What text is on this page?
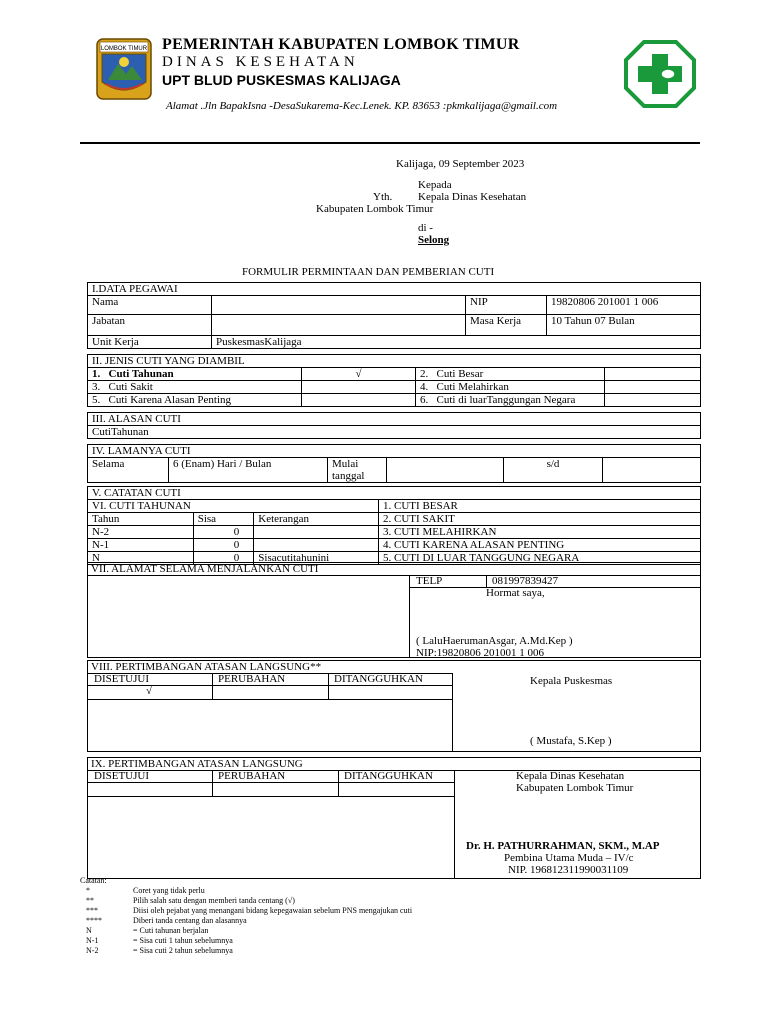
LOMBOK TIMUR PEMERINTAH KABUPATEN LOMBOK TIMUR
DINAS KESEHATAN
UPT BLUD PUSKESMAS KALIJAGA
Alamat .Jln BapakIsna -DesaSukarema-Kec.Lenek. KP. 83653 :pkmkalijaga@gmail.com
Kalijaga, 09 September 2023
Kepada
Yth. Kepala Dinas Kesehatan
Kabupaten Lombok Timur
di -
Selong
FORMULIR PERMINTAAN DAN PEMBERIAN CUTI
I.DATA PEGAWAI			
Nama		NIP	19820806 201001 1 006
Jabatan		Masa Kerja	10 Tahun 07 Bulan
Unit Kerja	PuskesmasKalijaga		
II. JENIS CUTI YANG DIAMBIL			
1. Cuti Tahunan	√	2. Cuti Besar	
3. Cuti Sakit		4. Cuti Melahirkan	
5. Cuti Karena Alasan Penting		6. Cuti di luarTanggungan Negara	
III. ALASAN CUTI
CutiTahunan
IV. LAMANYA CUTI
Selama	6 (Enam) Hari / Bulan	Mulai tanggal		s/d	
V. CATATAN CUTI			
VI. CUTI TAHUNAN			1. CUTI BESAR
Tahun	Sisa	Keterangan	2. CUTI SAKIT
N-2	0		3. CUTI MELAHIRKAN
N-1	0		4. CUTI KARENA ALASAN PENTING
N	0	Sisacutitahunini	5. CUTI DI LUAR TANGGUNG NEGARA
VII. ALAMAT SELAMA MENJALANKAN CUTI
TELP	081997839427
Hormat saya,
( LaluHaerumanAsgar, A.Md.Kep )
NIP:19820806 201001 1 006
VIII. PERTIMBANGAN ATASAN LANGSUNG**
DISETUJUI	PERUBAHAN	DITANGGUHKAN
√
Kepala Puskesmas
( Mustafa, S.Kep )
IX. PERTIMBANGAN ATASAN LANGSUNG
DISETUJUI	PERUBAHAN	DITANGGUHKAN	Kepala Dinas Kesehatan
Kabupaten Lombok Timur
Dr. H. PATHURRAHMAN, SKM., M.AP
Pembina Utama Muda – IV/c
NIP. 196812311990031109
Catatan:
*	Coret yang tidak perlu
**	Pilih salah satu dengan memberi tanda centang (√)
***	Diisi oleh pejabat yang menangani bidang kepegawaian sebelum PNS mengajukan cuti
****	Diberi tanda centang dan alasannya
N	= Cuti tahunan berjalan
N-1	= Sisa cuti 1 tahun sebelumnya
N-2	= Sisa cuti 2 tahun sebelumnya
